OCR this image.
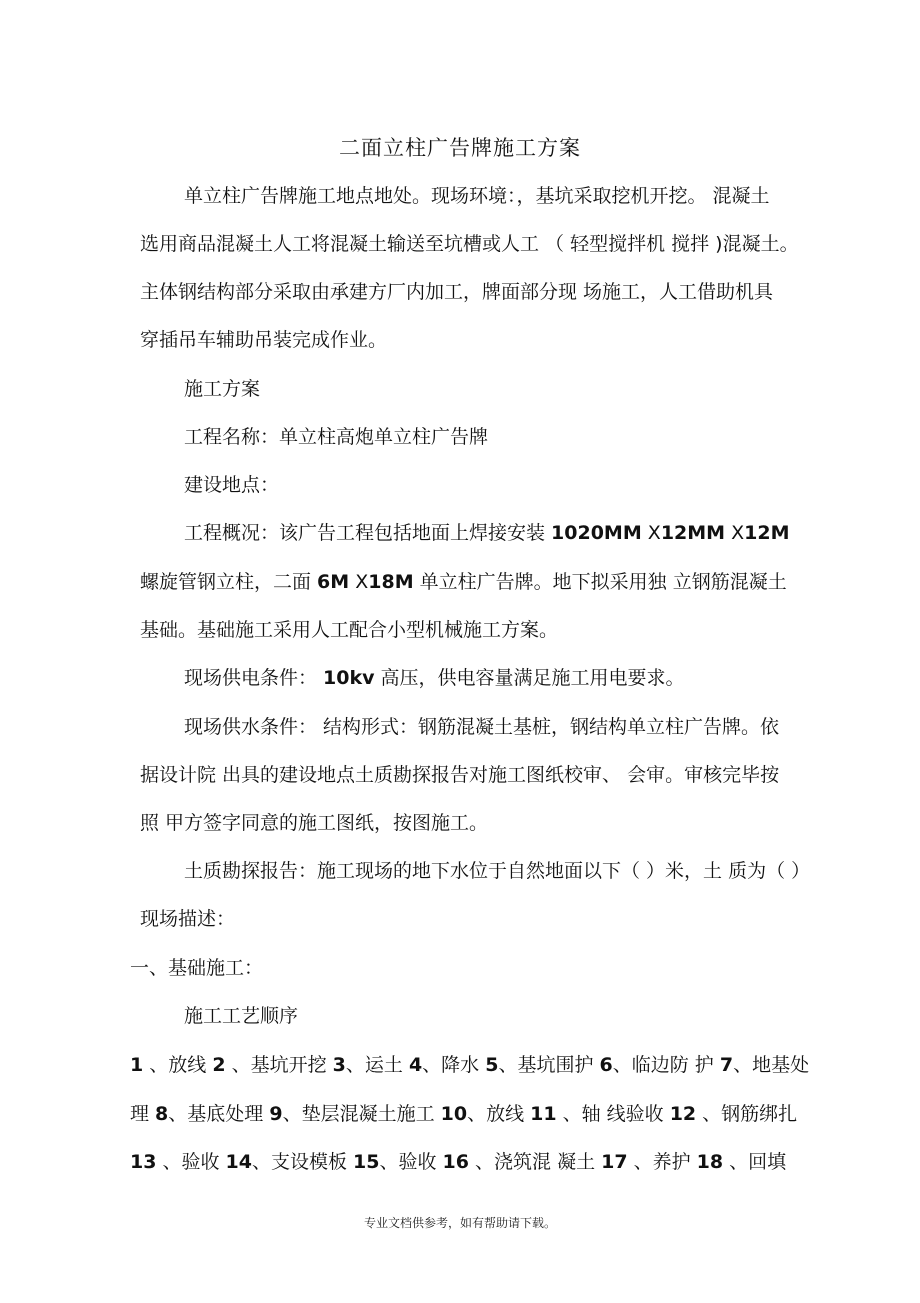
二面立柱广告牌施工方案
单立柱广告牌施工地点地处。现场环境：，基坑采取挖机开挖。 混凝土
选用商品混凝土人工将混凝土输送至坑槽或人工 （ 轻型搅拌机 搅拌 )混凝土。
主体钢结构部分采取由承建方厂内加工，牌面部分现 场施工，人工借助机具
穿插吊车辅助吊装完成作业。
施工方案
工程名称：单立柱高炮单立柱广告牌
建设地点：
工程概况：该广告工程包括地面上焊接安装 1020MM X12MM X12M
螺旋管钢立柱，二面 6M X18M 单立柱广告牌。地下拟采用独 立钢筋混凝土
基础。基础施工采用人工配合小型机械施工方案。
现场供电条件： 10kv 高压，供电容量满足施工用电要求。
现场供水条件： 结构形式：钢筋混凝土基桩，钢结构单立柱广告牌。依
据设计院 出具的建设地点土质勘探报告对施工图纸校审、 会审。审核完毕按
照 甲方签字同意的施工图纸，按图施工。
土质勘探报告：施工现场的地下水位于自然地面以下（ ）米，土 质为（ ）
现场描述：
一、基础施工：
施工工艺顺序
1 、放线 2 、基坑开挖 3、运土 4、降水 5、基坑围护 6、临边防 护 7、地基处
理 8、基底处理 9、垫层混凝土施工 10、放线 11 、轴 线验收 12 、钢筋绑扎
13 、验收 14、支设模板 15、验收 16 、浇筑混 凝土 17 、养护 18 、回填
专业文档供参考，如有帮助请下载。
